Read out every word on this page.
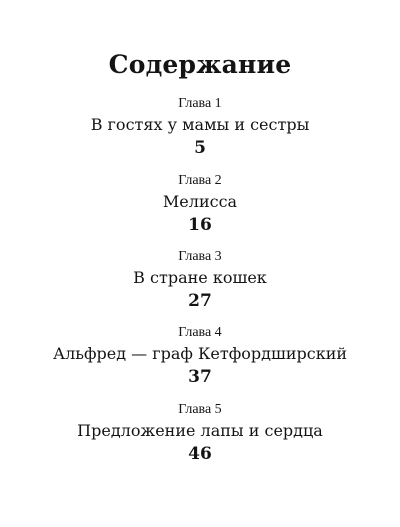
Содержание
Глава 1
В гостях у мамы и сестры
5
Глава 2
Мелисса
16
Глава 3
В стране кошек
27
Глава 4
Альфред — граф Кетфордширский
37
Глава 5
Предложение лапы и сердца
46
